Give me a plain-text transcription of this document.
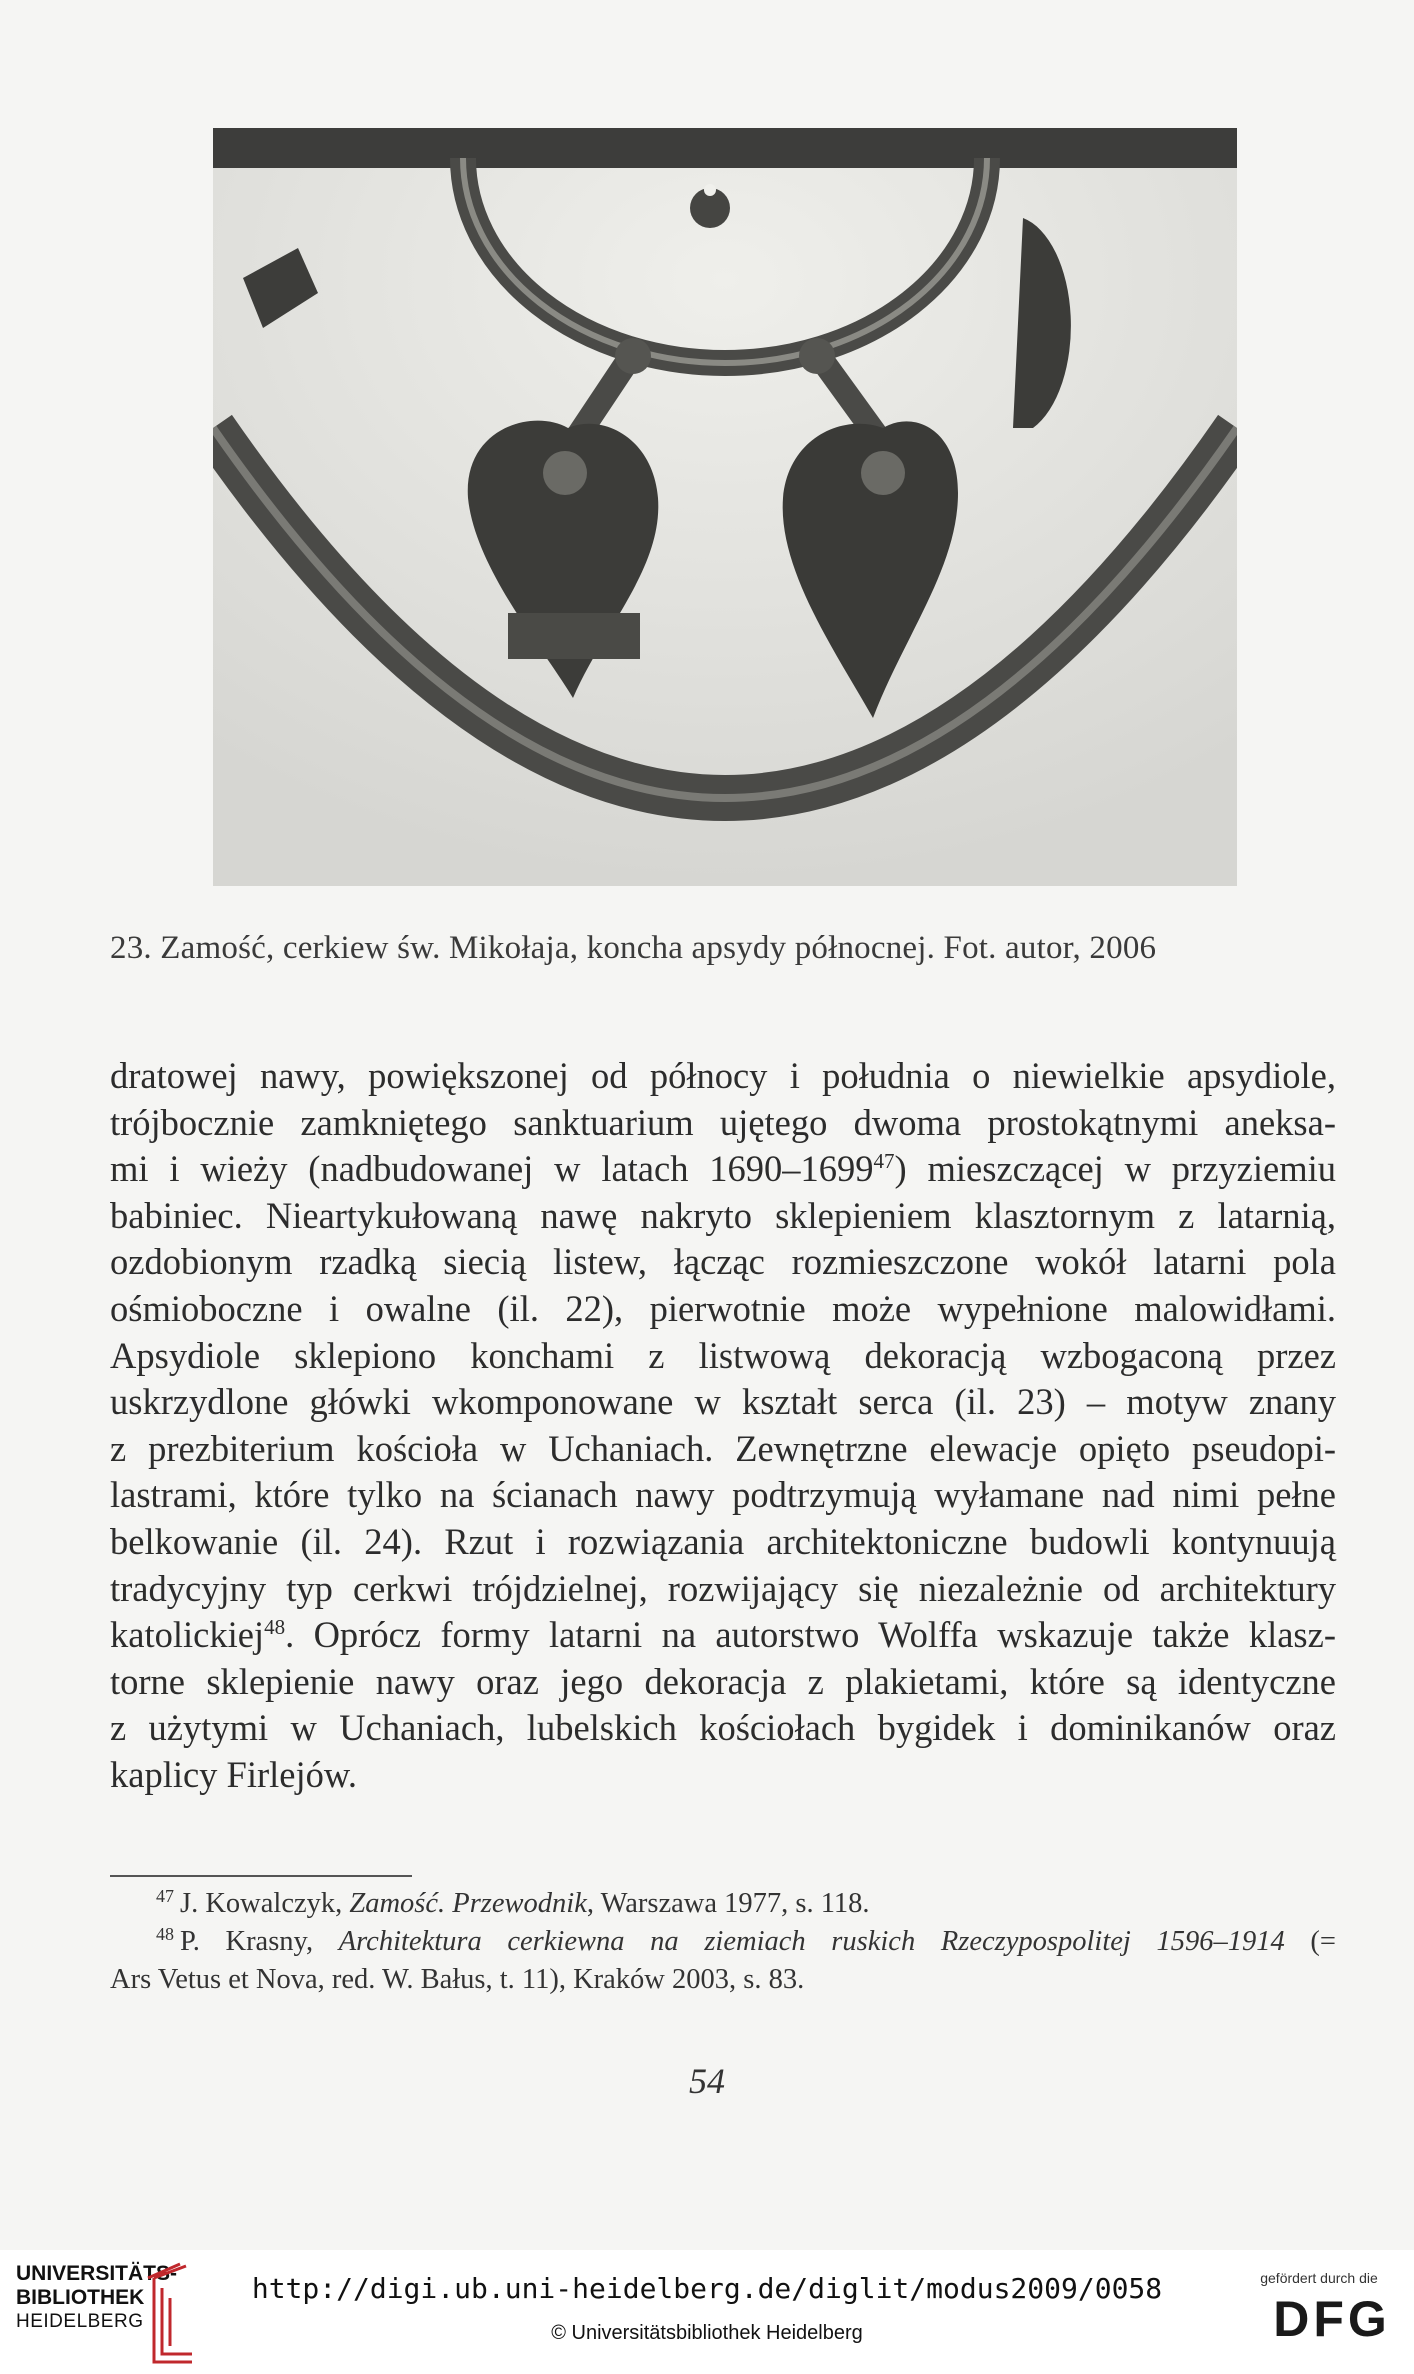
23. Zamość, cerkiew św. Mikołaja, koncha apsydy północnej. Fot. autor, 2006
dratowej nawy, powiększonej od północy i południa o niewielkie apsydiole,
trójbocznie zamkniętego sanktuarium ujętego dwoma prostokątnymi aneksa-
mi i wieży (nadbudowanej w latach 1690–1699$^{47}$) mieszczącej w przyziemiu
babiniec. Nieartykułowaną nawę nakryto sklepieniem klasztornym z latarnią,
ozdobionym rzadką siecią listew, łącząc rozmieszczone wokół latarni pola
ośmioboczne i owalne (il. 22), pierwotnie może wypełnione malowidłami.
Apsydiole sklepiono konchami z listwową dekoracją wzbogaconą przez
uskrzydlone główki wkomponowane w kształt serca (il. 23) – motyw znany
z prezbiterium kościoła w Uchaniach. Zewnętrzne elewacje opięto pseudopi-
lastrami, które tylko na ścianach nawy podtrzymują wyłamane nad nimi pełne
belkowanie (il. 24). Rzut i rozwiązania architektoniczne budowli kontynuują
tradycyjny typ cerkwi trójdzielnej, rozwijający się niezależnie od architektury
katolickiej$^{48}$. Oprócz formy latarni na autorstwo Wolffa wskazuje także klasz-
torne sklepienie nawy oraz jego dekoracja z plakietami, które są identyczne
z użytymi w Uchaniach, lubelskich kościołach bygidek i dominikanów oraz
kaplicy Firlejów.
$^{47}$ J. Kowalczyk, Zamość. Przewodnik, Warszawa 1977, s. 118.
$^{48}$ P. Krasny, Architektura cerkiewna na ziemiach ruskich Rzeczypospolitej 1596–1914 (=
Ars Vetus et Nova, red. W. Bałus, t. 11), Kraków 2003, s. 83.
54
UNIVERSITÄTS-
BIBLIOTHEK
HEIDELBERG
http://digi.ub.uni-heidelberg.de/diglit/modus2009/0058
© Universitätsbibliothek Heidelberg
gefördert durch die
DFG
